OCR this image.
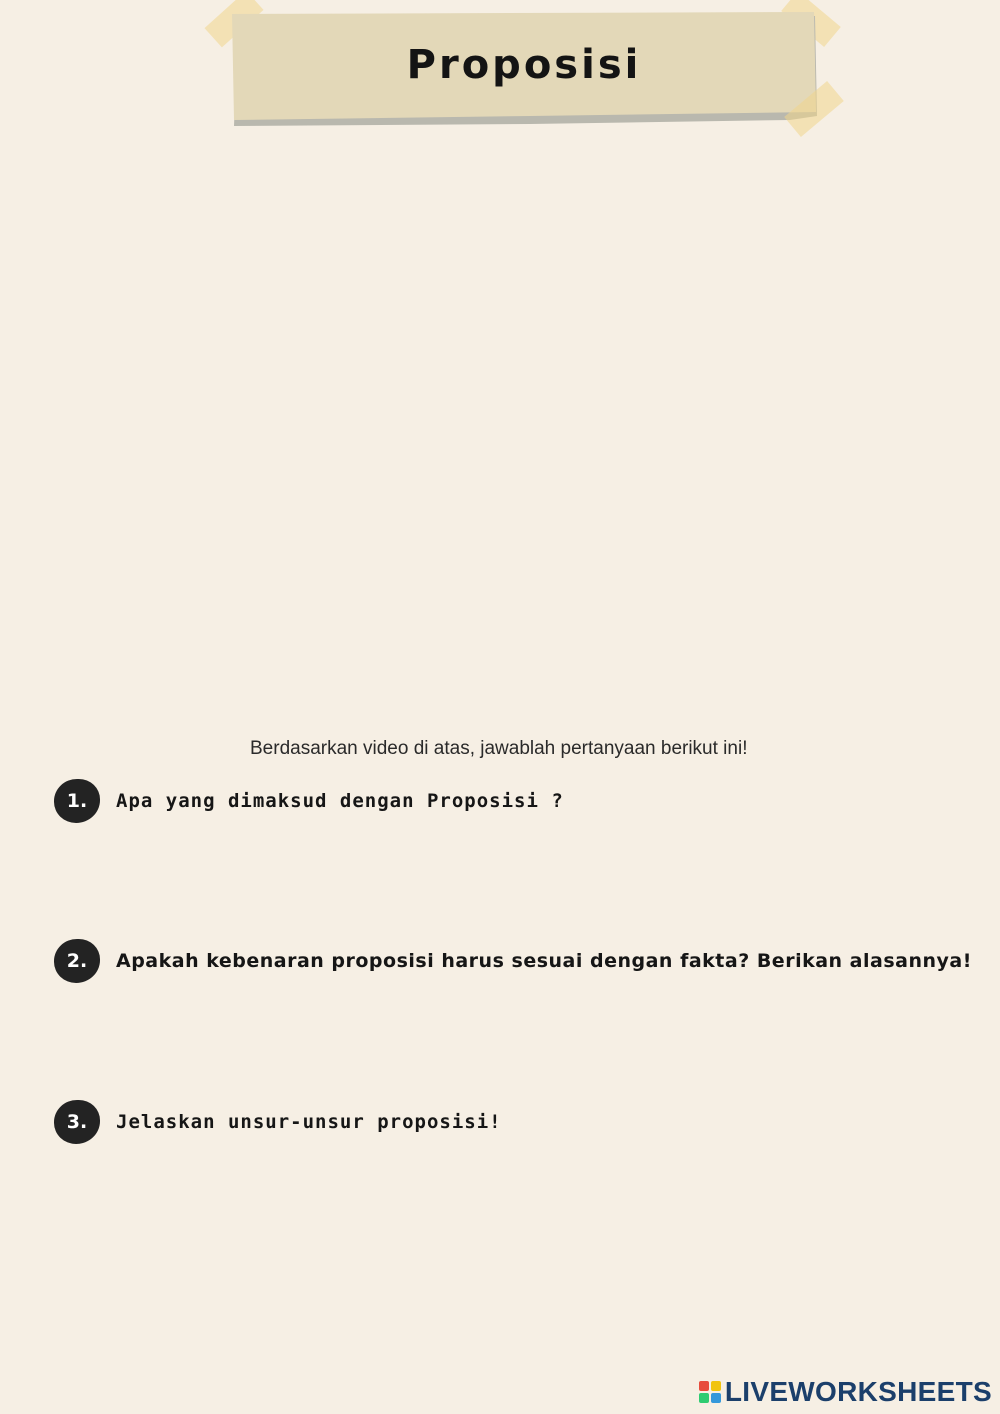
Proposisi
Berdasarkan video di atas, jawablah pertanyaan berikut ini!
1.	Apa yang dimaksud dengan Proposisi ?
2.	Apakah kebenaran proposisi harus sesuai dengan fakta? Berikan alasannya!
3.	Jelaskan unsur-unsur proposisi!
LIVEWORKSHEETS
